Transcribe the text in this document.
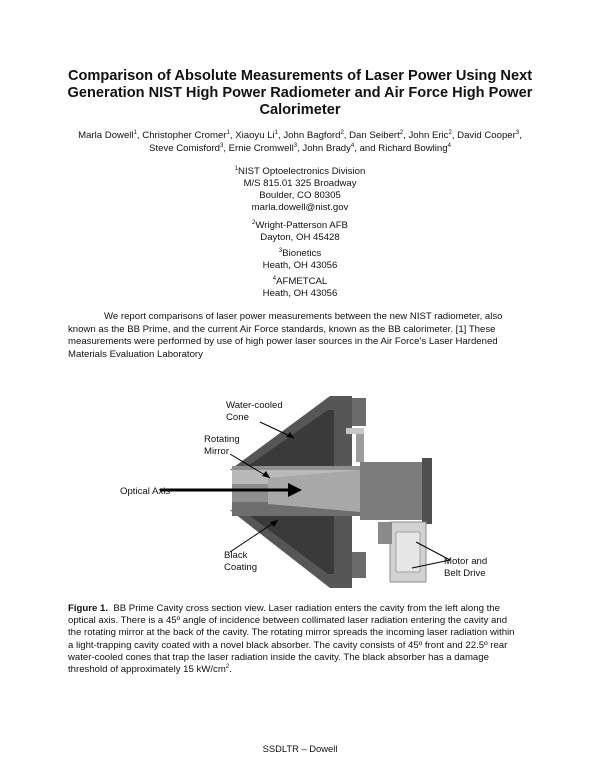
Comparison of Absolute Measurements of Laser Power Using Next
Generation NIST High Power Radiometer and Air Force High Power
Calorimeter
Marla Dowell$^1$, Christopher Cromer$^1$, Xiaoyu Li$^1$, John Bagford$^2$, Dan Seibert$^2$, John Eric$^2$, David Cooper$^3$,
Steve Comisford$^3$, Ernie Cromwell$^3$, John Brady$^4$, and Richard Bowling$^4$
$^1$NIST Optoelectronics Division
M/S 815.01 325 Broadway
Boulder, CO 80305
marla.dowell@nist.gov
$^2$Wright-Patterson AFB
Dayton, OH 45428
$^3$Bionetics
Heath, OH 43056
$^4$AFMETCAL
Heath, OH 43056
We report comparisons of laser power measurements between the new NIST radiometer, also
known as the BB Prime, and the current Air Force standards, known as the BB calorimeter. [1] These
measurements were performed by use of high power laser sources in the Air Force’s Laser Hardened
Materials Evaluation Laboratory
Water-cooled
Cone
Rotating
Mirror
Optical Axis
Black
Coating	Motor and
Belt Drive
Figure 1. BB Prime Cavity cross section view. Laser radiation enters the cavity from the left along the
optical axis. There is a 45º angle of incidence between collimated laser radiation entering the cavity and
the rotating mirror at the back of the cavity. The rotating mirror spreads the incoming laser radiation within
a light-trapping cavity coated with a novel black absorber. The cavity consists of 45º front and 22.5º rear
water-cooled cones that trap the laser radiation inside the cavity. The black absorber has a damage
threshold of approximately 15 $kW/cm^2$.
SSDLTR – Dowell
